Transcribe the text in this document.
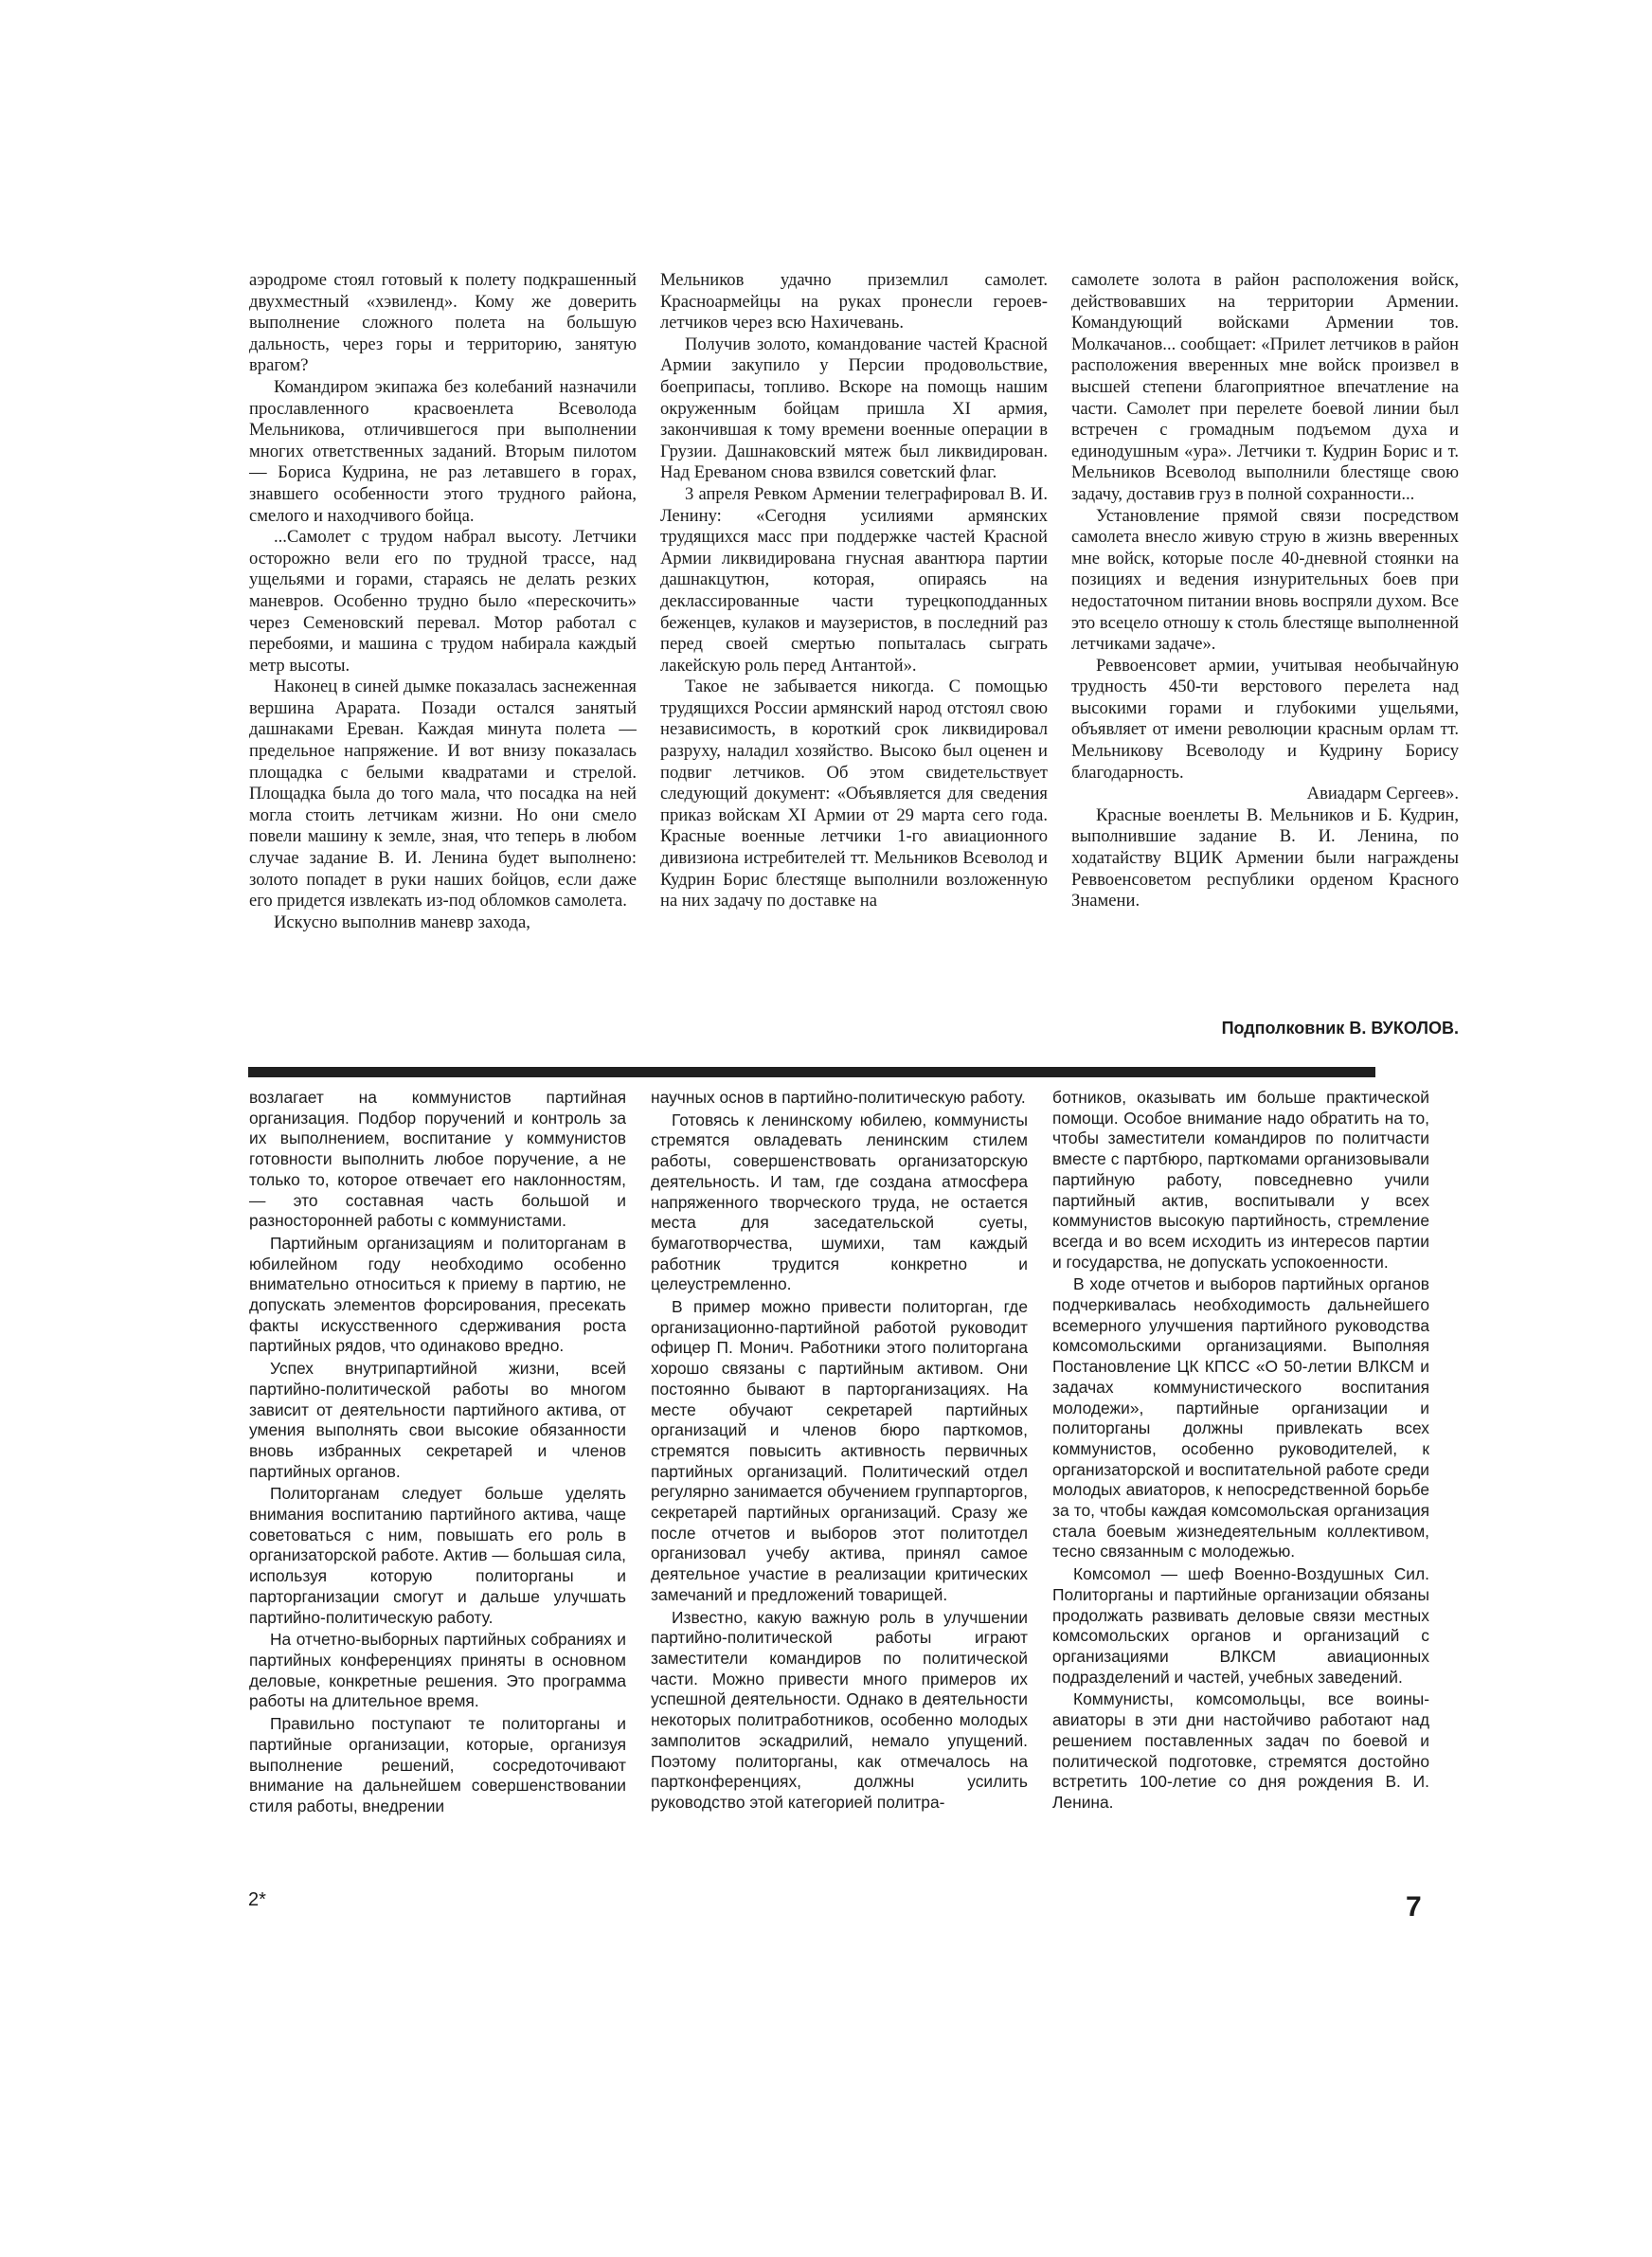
аэродроме стоял готовый к полету подкрашенный двухместный «хэвиленд». Кому же доверить выполнение сложного полета на большую дальность, через горы и территорию, занятую врагом?

Командиром экипажа без колебаний назначили прославленного красвоенлета Всеволода Мельникова, отличившегося при выполнении многих ответственных заданий. Вторым пилотом — Бориса Кудрина, не раз летавшего в горах, знавшего особенности этого трудного района, смелого и находчивого бойца.

...Самолет с трудом набрал высоту. Летчики осторожно вели его по трудной трассе, над ущельями и горами, стараясь не делать резких маневров. Особенно трудно было «перескочить» через Семеновский перевал. Мотор работал с перебоями, и машина с трудом набирала каждый метр высоты.

Наконец в синей дымке показалась заснеженная вершина Арарата. Позади остался занятый дашнаками Ереван. Каждая минута полета — предельное напряжение. И вот внизу показалась площадка с белыми квадратами и стрелой. Площадка была до того мала, что посадка на ней могла стоить летчикам жизни. Но они смело повели машину к земле, зная, что теперь в любом случае задание В. И. Ленина будет выполнено: золото попадет в руки наших бойцов, если даже его придется извлекать из-под обломков самолета.

Искусно выполнив маневр захода,

Мельников удачно приземлил самолет. Красноармейцы на руках пронесли героев-летчиков через всю Нахичевань.

Получив золото, командование частей Красной Армии закупило у Персии продовольствие, боеприпасы, топливо. Вскоре на помощь нашим окруженным бойцам пришла XI армия, закончившая к тому времени военные операции в Грузии. Дашнаковский мятеж был ликвидирован. Над Ереваном снова взвился советский флаг.

3 апреля Ревком Армении телеграфировал В. И. Ленину: «Сегодня усилиями армянских трудящихся масс при поддержке частей Красной Армии ликвидирована гнусная авантюра партии дашнакцутюн, которая, опираясь на деклассированные части турецкоподданных беженцев, кулаков и маузеристов, в последний раз перед своей смертью попыталась сыграть лакейскую роль перед Антантой».

Такое не забывается никогда. С помощью трудящихся России армянский народ отстоял свою независимость, в короткий срок ликвидировал разруху, наладил хозяйство. Высоко был оценен и подвиг летчиков. Об этом свидетельствует следующий документ: «Объявляется для сведения приказ войскам XI Армии от 29 марта сего года. Красные военные летчики 1-го авиационного дивизиона истребителей тт. Мельников Всеволод и Кудрин Борис блестяще выполнили возложенную на них задачу по доставке на

самолете золота в район расположения войск, действовавших на территории Армении. Командующий войсками Армении тов. Молкачанов... сообщает: «Прилет летчиков в район расположения вверенных мне войск произвел в высшей степени благоприятное впечатление на части. Самолет при перелете боевой линии был встречен с громадным подъемом духа и единодушным «ура». Летчики т. Кудрин Борис и т. Мельников Всеволод выполнили блестяще свою задачу, доставив груз в полной сохранности...

Установление прямой связи посредством самолета внесло живую струю в жизнь вверенных мне войск, которые после 40-дневной стоянки на позициях и ведения изнурительных боев при недостаточном питании вновь воспряли духом. Все это всецело отношу к столь блестяще выполненной летчиками задаче».

Реввоенсовет армии, учитывая необычайную трудность 450-ти верстового перелета над высокими горами и глубокими ущельями, объявляет от имени революции красным орлам тт. Мельникову Всеволоду и Кудрину Борису благодарность.

Авиадарм Сергеев».

Красные военлеты В. Мельников и Б. Кудрин, выполнившие задание В. И. Ленина, по ходатайству ВЦИК Армении были награждены Реввоенсоветом республики орденом Красного Знамени.

Подполковник В. ВУКОЛОВ.

возлагает на коммунистов партийная организация. Подбор поручений и контроль за их выполнением, воспитание у коммунистов готовности выполнить любое поручение, а не только то, которое отвечает его наклонностям, — это составная часть большой и разносторонней работы с коммунистами.

Партийным организациям и политорганам в юбилейном году необходимо особенно внимательно относиться к приему в партию, не допускать элементов форсирования, пресекать факты искусственного сдерживания роста партийных рядов, что одинаково вредно.

Успех внутрипартийной жизни, всей партийно-политической работы во многом зависит от деятельности партийного актива, от умения выполнять свои высокие обязанности вновь избранных секретарей и членов партийных органов.

Политорганам следует больше уделять внимания воспитанию партийного актива, чаще советоваться с ним, повышать его роль в организаторской работе. Актив — большая сила, используя которую политорганы и парторганизации смогут и дальше улучшать партийно-политическую работу.

На отчетно-выборных партийных собраниях и партийных конференциях приняты в основном деловые, конкретные решения. Это программа работы на длительное время.

Правильно поступают те политорганы и партийные организации, которые, организуя выполнение решений, сосредоточивают внимание на дальнейшем совершенствовании стиля работы, внедрении

научных основ в партийно-политическую работу.

Готовясь к ленинскому юбилею, коммунисты стремятся овладевать ленинским стилем работы, совершенствовать организаторскую деятельность. И там, где создана атмосфера напряженного творческого труда, не остается места для заседательской суеты, бумаготворчества, шумихи, там каждый работник трудится конкретно и целеустремленно.

В пример можно привести политорган, где организационно-партийной работой руководит офицер П. Монич. Работники этого политоргана хорошо связаны с партийным активом. Они постоянно бывают в парторганизациях. На месте обучают секретарей партийных организаций и членов бюро парткомов, стремятся повысить активность первичных партийных организаций. Политический отдел регулярно занимается обучением группарторгов, секретарей партийных организаций. Сразу же после отчетов и выборов этот политотдел организовал учебу актива, принял самое деятельное участие в реализации критических замечаний и предложений товарищей.

Известно, какую важную роль в улучшении партийно-политической работы играют заместители командиров по политической части. Можно привести много примеров их успешной деятельности. Однако в деятельности некоторых политработников, особенно молодых замполитов эскадрилий, немало упущений. Поэтому политорганы, как отмечалось на партконференциях, должны усилить руководство этой категорией политра-

ботников, оказывать им больше практической помощи. Особое внимание надо обратить на то, чтобы заместители командиров по политчасти вместе с партбюро, парткомами организовывали партийную работу, повседневно учили партийный актив, воспитывали у всех коммунистов высокую партийность, стремление всегда и во всем исходить из интересов партии и государства, не допускать успокоенности.

В ходе отчетов и выборов партийных органов подчеркивалась необходимость дальнейшего всемерного улучшения партийного руководства комсомольскими организациями. Выполняя Постановление ЦК КПСС «О 50-летии ВЛКСМ и задачах коммунистического воспитания молодежи», партийные организации и политорганы должны привлекать всех коммунистов, особенно руководителей, к организаторской и воспитательной работе среди молодых авиаторов, к непосредственной борьбе за то, чтобы каждая комсомольская организация стала боевым жизнедеятельным коллективом, тесно связанным с молодежью.

Комсомол — шеф Военно-Воздушных Сил. Политорганы и партийные организации обязаны продолжать развивать деловые связи местных комсомольских органов и организаций с организациями ВЛКСМ авиационных подразделений и частей, учебных заведений.

Коммунисты, комсомольцы, все воины-авиаторы в эти дни настойчиво работают над решением поставленных задач по боевой и политической подготовке, стремятся достойно встретить 100-летие со дня рождения В. И. Ленина.

2*	7
